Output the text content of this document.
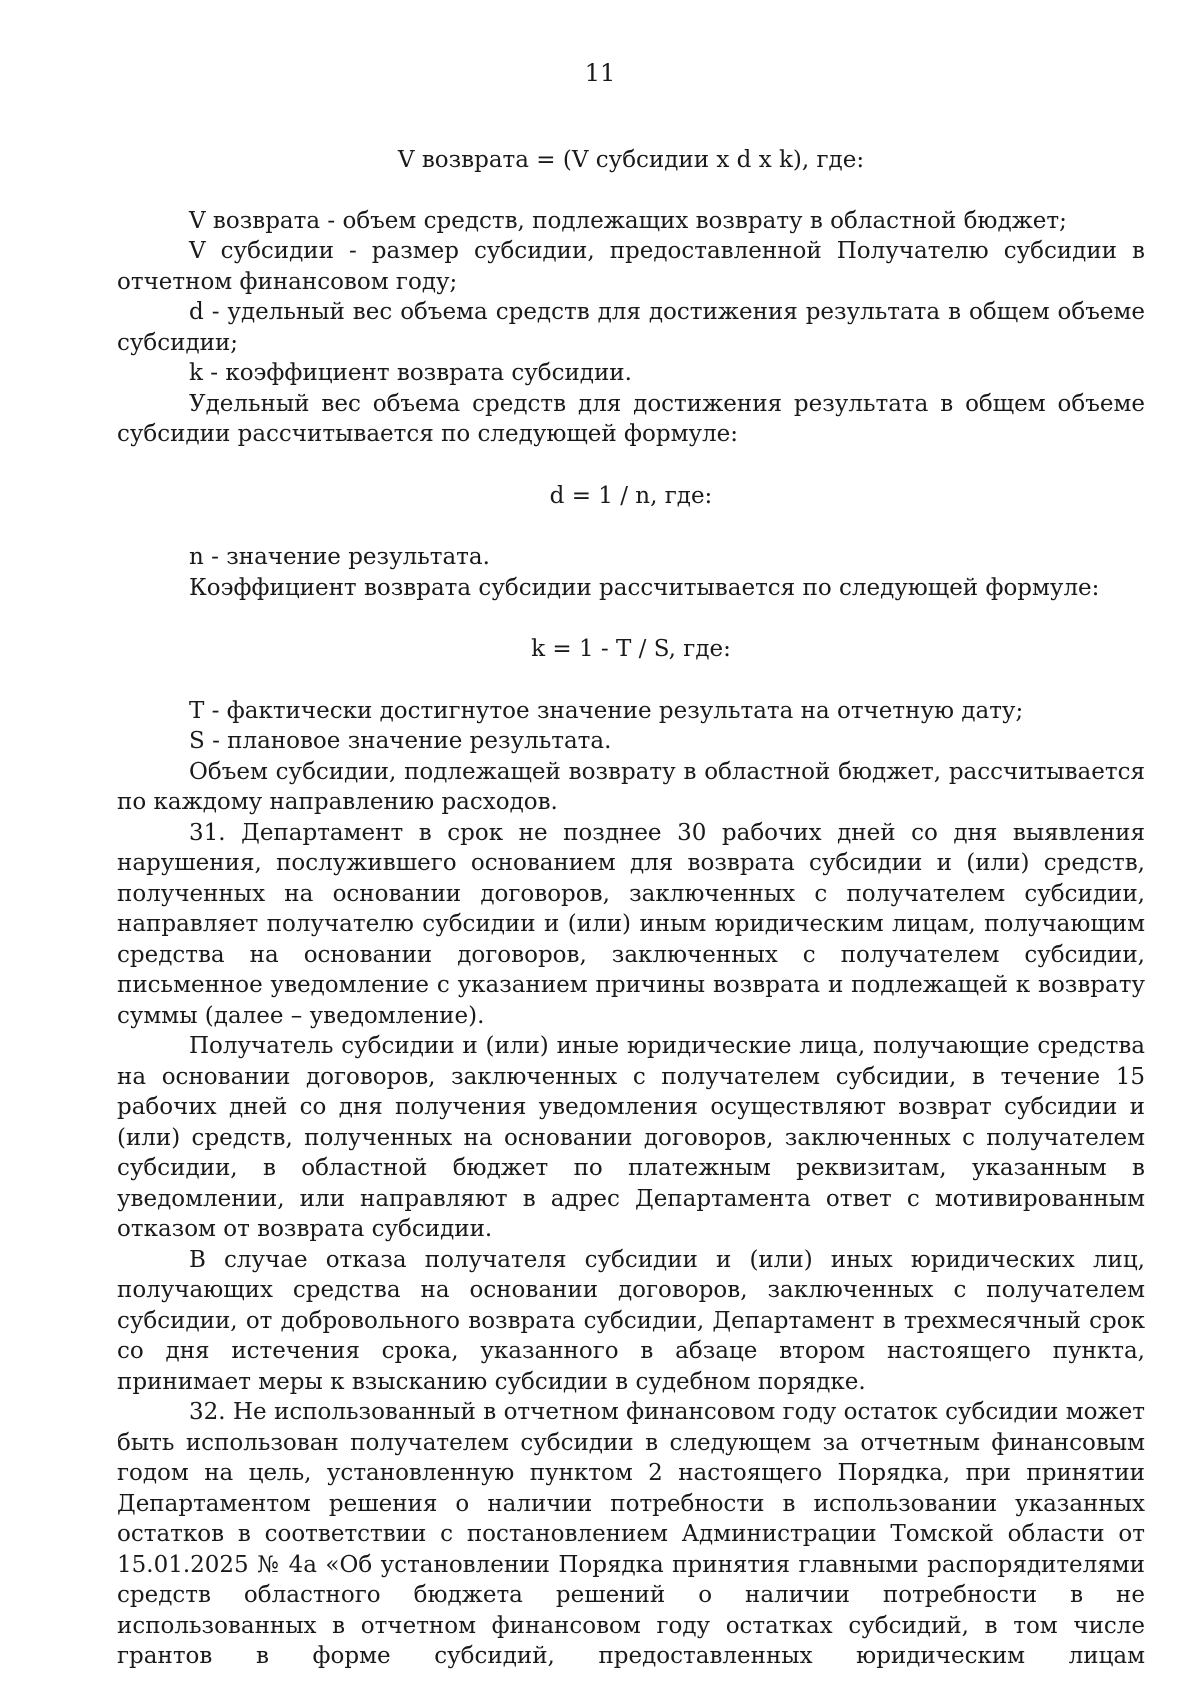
11

V возврата = (V субсидии x d x k), где:

V возврата - объем средств, подлежащих возврату в областной бюджет;

V субсидии - размер субсидии, предоставленной Получателю субсидии в отчетном финансовом году;

d - удельный вес объема средств для достижения результата в общем объеме субсидии;

k - коэффициент возврата субсидии.

Удельный вес объема средств для достижения результата в общем объеме субсидии рассчитывается по следующей формуле:

d = 1 / n, где:

n - значение результата.

Коэффициент возврата субсидии рассчитывается по следующей формуле:

k = 1 - T / S, где:

T - фактически достигнутое значение результата на отчетную дату;

S - плановое значение результата.

Объем субсидии, подлежащей возврату в областной бюджет, рассчитывается по каждому направлению расходов.

31. Департамент в срок не позднее 30 рабочих дней со дня выявления нарушения, послужившего основанием для возврата субсидии и (или) средств, полученных на основании договоров, заключенных с получателем субсидии, направляет получателю субсидии и (или) иным юридическим лицам, получающим средства на основании договоров, заключенных с получателем субсидии, письменное уведомление с указанием причины возврата и подлежащей к возврату суммы (далее – уведомление).

Получатель субсидии и (или) иные юридические лица, получающие средства на основании договоров, заключенных с получателем субсидии, в течение 15 рабочих дней со дня получения уведомления осуществляют возврат субсидии и (или) средств, полученных на основании договоров, заключенных с получателем субсидии, в областной бюджет по платежным реквизитам, указанным в уведомлении, или направляют в адрес Департамента ответ с мотивированным отказом от возврата субсидии.

В случае отказа получателя субсидии и (или) иных юридических лиц, получающих средства на основании договоров, заключенных с получателем субсидии, от добровольного возврата субсидии, Департамент в трехмесячный срок со дня истечения срока, указанного в абзаце втором настоящего пункта, принимает меры к взысканию субсидии в судебном порядке.

32. Не использованный в отчетном финансовом году остаток субсидии может быть использован получателем субсидии в следующем за отчетным финансовым годом на цель, установленную пунктом 2 настоящего Порядка, при принятии Департаментом решения о наличии потребности в использовании указанных остатков в соответствии с постановлением Администрации Томской области от 15.01.2025 № 4а «Об установлении Порядка принятия главными распорядителями средств областного бюджета решений о наличии потребности в не использованных в отчетном финансовом году остатках субсидий, в том числе грантов в форме субсидий, предоставленных юридическим лицам
